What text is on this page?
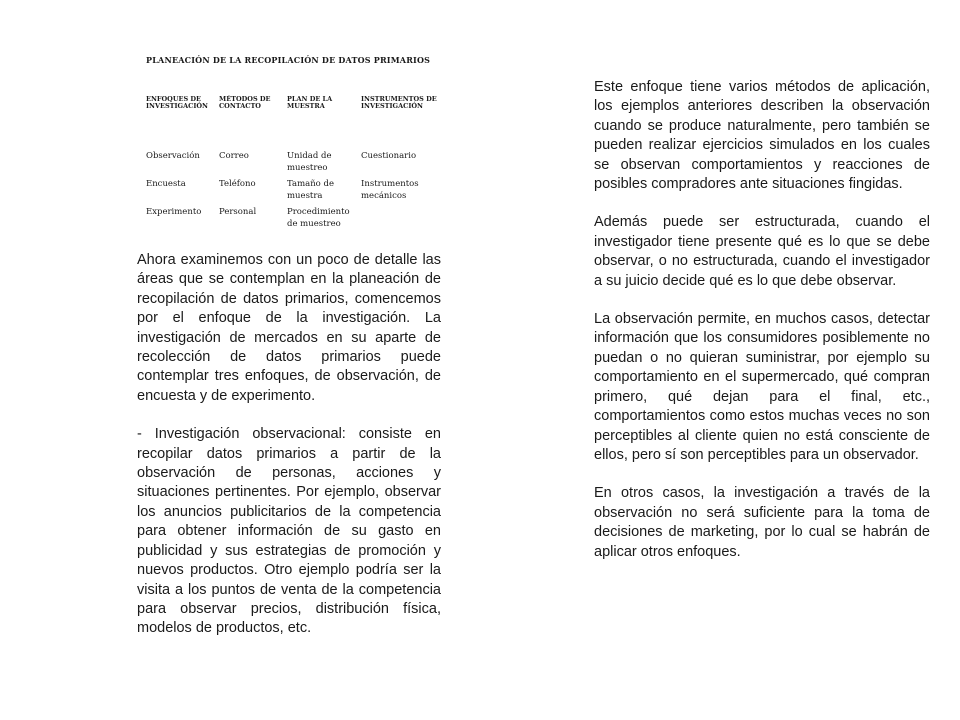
PLANEACIÓN DE LA RECOPILACIÓN DE DATOS PRIMARIOS
ENFOQUES DE INVESTIGACIÓN	MÉTODOS DE CONTACTO	PLAN DE LA MUESTRA	INSTRUMENTOS DE INVESTIGACIÓN
Observación	Correo	Unidad de muestreo	Cuestionario
Encuesta	Teléfono	Tamaño de muestra	Instrumentos mecánicos
Experimento	Personal	Procedimiento de muestreo	

Ahora examinemos con un poco de detalle las áreas que se contemplan en la planeación de recopilación de datos primarios, comencemos por el enfoque de la investigación. La investigación de mercados en su aparte de recolección de datos primarios puede contemplar tres enfoques, de observación, de encuesta y de experimento.

- Investigación observacional: consiste en recopilar datos primarios a partir de la observación de personas, acciones y situaciones pertinentes. Por ejemplo, observar los anuncios publicitarios de la competencia para obtener información de su gasto en publicidad y sus estrategias de promoción y nuevos productos. Otro ejemplo podría ser la visita a los puntos de venta de la competencia para observar precios, distribución física, modelos de productos, etc.

Este enfoque tiene varios métodos de aplicación, los ejemplos anteriores describen la observación cuando se produce naturalmente, pero también se pueden realizar ejercicios simulados en los cuales se observan comportamientos y reacciones de posibles compradores ante situaciones fingidas.

Además puede ser estructurada, cuando el investigador tiene presente qué es lo que se debe observar, o no estructurada, cuando el investigador a su juicio decide qué es lo que debe observar.

La observación permite, en muchos casos, detectar información que los consumidores posiblemente no puedan o no quieran suministrar, por ejemplo su comportamiento en el supermercado, qué compran primero, qué dejan para el final, etc., comportamientos como estos muchas veces no son perceptibles al cliente quien no está consciente de ellos, pero sí son perceptibles para un observador.

En otros casos, la investigación a través de la observación no será suficiente para la toma de decisiones de marketing, por lo cual se habrán de aplicar otros enfoques.
